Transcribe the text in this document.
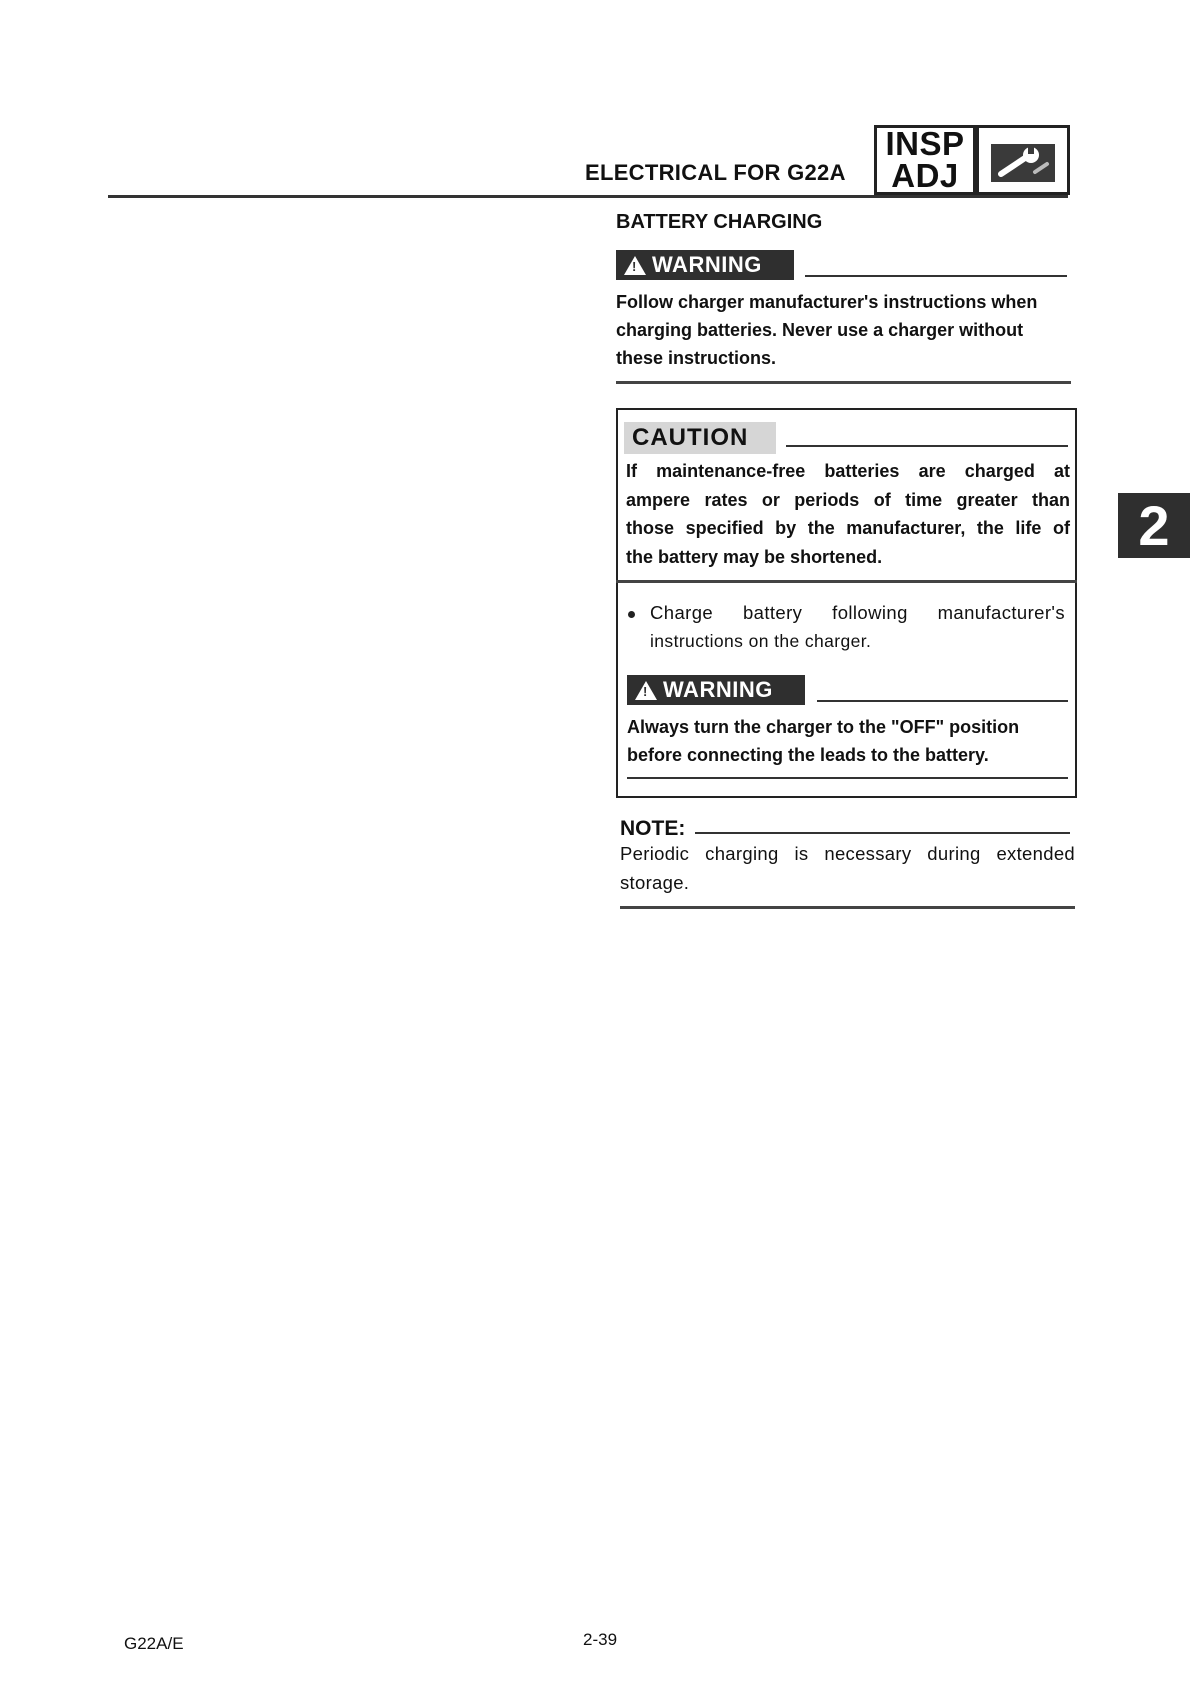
ELECTRICAL FOR G22A
INSP
ADJ
BATTERY CHARGING
!
WARNING
Follow charger manufacturer's instructions when
charging batteries. Never use a charger without
these instructions.
CAUTION
If maintenance-free batteries are charged at
ampere rates or periods of time greater than
those specified by the manufacturer, the life of
the battery may be shortened.
Charge battery following manufacturer's
instructions on the charger.
!
WARNING
Always turn the charger to the "OFF" position
before connecting the leads to the battery.
NOTE:
Periodic charging is necessary during extended
storage.
2
G22A/E	2-39
